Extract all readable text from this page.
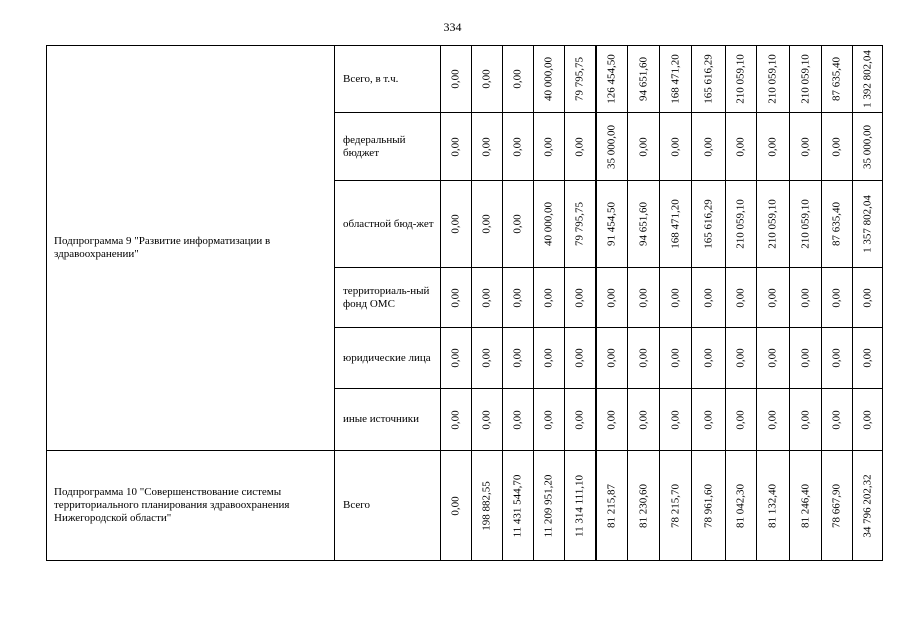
334
Подпрограмма 9 "Развитие информатизации в здравоохранении"	Всего, в т.ч.	0,00	0,00	0,00	40 000,00	79 795,75	126 454,50	94 651,60	168 471,20	165 616,29	210 059,10	210 059,10	210 059,10	87 635,40	1 392 802,04

	федеральный бюджет	0,00	0,00	0,00	0,00	0,00	35 000,00	0,00	0,00	0,00	0,00	0,00	0,00	0,00	35 000,00

	областной бюд-жет	0,00	0,00	0,00	40 000,00	79 795,75	91 454,50	94 651,60	168 471,20	165 616,29	210 059,10	210 059,10	210 059,10	87 635,40	1 357 802,04

	территориаль-ный фонд ОМС	0,00	0,00	0,00	0,00	0,00	0,00	0,00	0,00	0,00	0,00	0,00	0,00	0,00	0,00

	юридические лица	0,00	0,00	0,00	0,00	0,00	0,00	0,00	0,00	0,00	0,00	0,00	0,00	0,00	0,00

	иные источники	0,00	0,00	0,00	0,00	0,00	0,00	0,00	0,00	0,00	0,00	0,00	0,00	0,00	0,00

Подпрограмма 10 "Совершенствование системы территориального планирования здравоохранения Нижегородской области"	Всего	0,00	198 882,55	11 431 544,70	11 209 951,20	11 314 111,10	81 215,87	81 230,60	78 215,70	78 961,60	81 042,30	81 132,40	81 246,40	78 667,90	34 796 202,32
